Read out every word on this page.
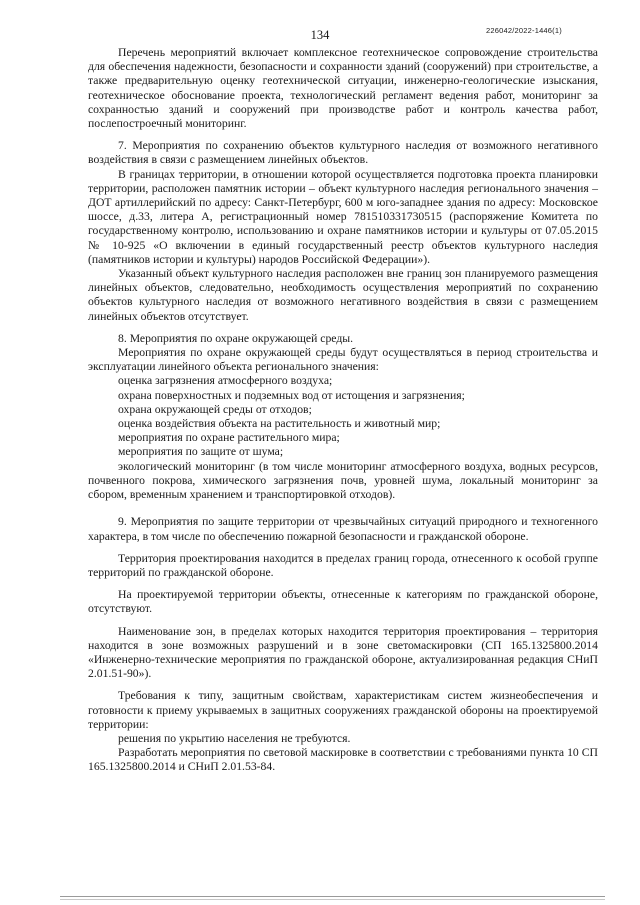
134	226042/2022-1446(1)

Перечень мероприятий включает комплексное геотехническое сопровождение строительства для обеспечения надежности, безопасности и сохранности зданий (сооружений) при строительстве, а также предварительную оценку геотехнической ситуации, инженерно-геологические изыскания, геотехническое обоснование проекта, технологический регламент ведения работ, мониторинг за сохранностью зданий и сооружений при производстве работ и контроль качества работ, послепостроечный мониторинг.

7. Мероприятия по сохранению объектов культурного наследия от возможного негативного воздействия в связи с размещением линейных объектов.

В границах территории, в отношении которой осуществляется подготовка проекта планировки территории, расположен памятник истории – объект культурного наследия регионального значения – ДОТ артиллерийский по адресу: Санкт-Петербург, 600 м юго-западнее здания по адресу: Московское шоссе, д.33, литера А, регистрационный номер 781510331730515 (распоряжение Комитета по государственному контролю, использованию и охране памятников истории и культуры от 07.05.2015 № 10-925 «О включении в единый государственный реестр объектов культурного наследия (памятников истории и культуры) народов Российской Федерации»).

Указанный объект культурного наследия расположен вне границ зон планируемого размещения линейных объектов, следовательно, необходимость осуществления мероприятий по сохранению объектов культурного наследия от возможного негативного воздействия в связи с размещением линейных объектов отсутствует.

8. Мероприятия по охране окружающей среды.

Мероприятия по охране окружающей среды будут осуществляться в период строительства и эксплуатации линейного объекта регионального значения:

оценка загрязнения атмосферного воздуха;

охрана поверхностных и подземных вод от истощения и загрязнения;

охрана окружающей среды от отходов;

оценка воздействия объекта на растительность и животный мир;

мероприятия по охране растительного мира;

мероприятия по защите от шума;

экологический мониторинг (в том числе мониторинг атмосферного воздуха, водных ресурсов, почвенного покрова, химического загрязнения почв, уровней шума, локальный мониторинг за сбором, временным хранением и транспортировкой отходов).

9. Мероприятия по защите территории от чрезвычайных ситуаций природного и техногенного характера, в том числе по обеспечению пожарной безопасности и гражданской обороне.

Территория проектирования находится в пределах границ города, отнесенного к особой группе территорий по гражданской обороне.

На проектируемой территории объекты, отнесенные к категориям по гражданской обороне, отсутствуют.

Наименование зон, в пределах которых находится территория проектирования – территория находится в зоне возможных разрушений и в зоне светомаскировки (СП 165.1325800.2014 «Инженерно-технические мероприятия по гражданской обороне, актуализированная редакция СНиП 2.01.51-90»).

Требования к типу, защитным свойствам, характеристикам систем жизнеобеспечения и готовности к приему укрываемых в защитных сооружениях гражданской обороны на проектируемой территории:

решения по укрытию населения не требуются.

Разработать мероприятия по световой маскировке в соответствии с требованиями пункта 10 СП 165.1325800.2014 и СНиП 2.01.53-84.
